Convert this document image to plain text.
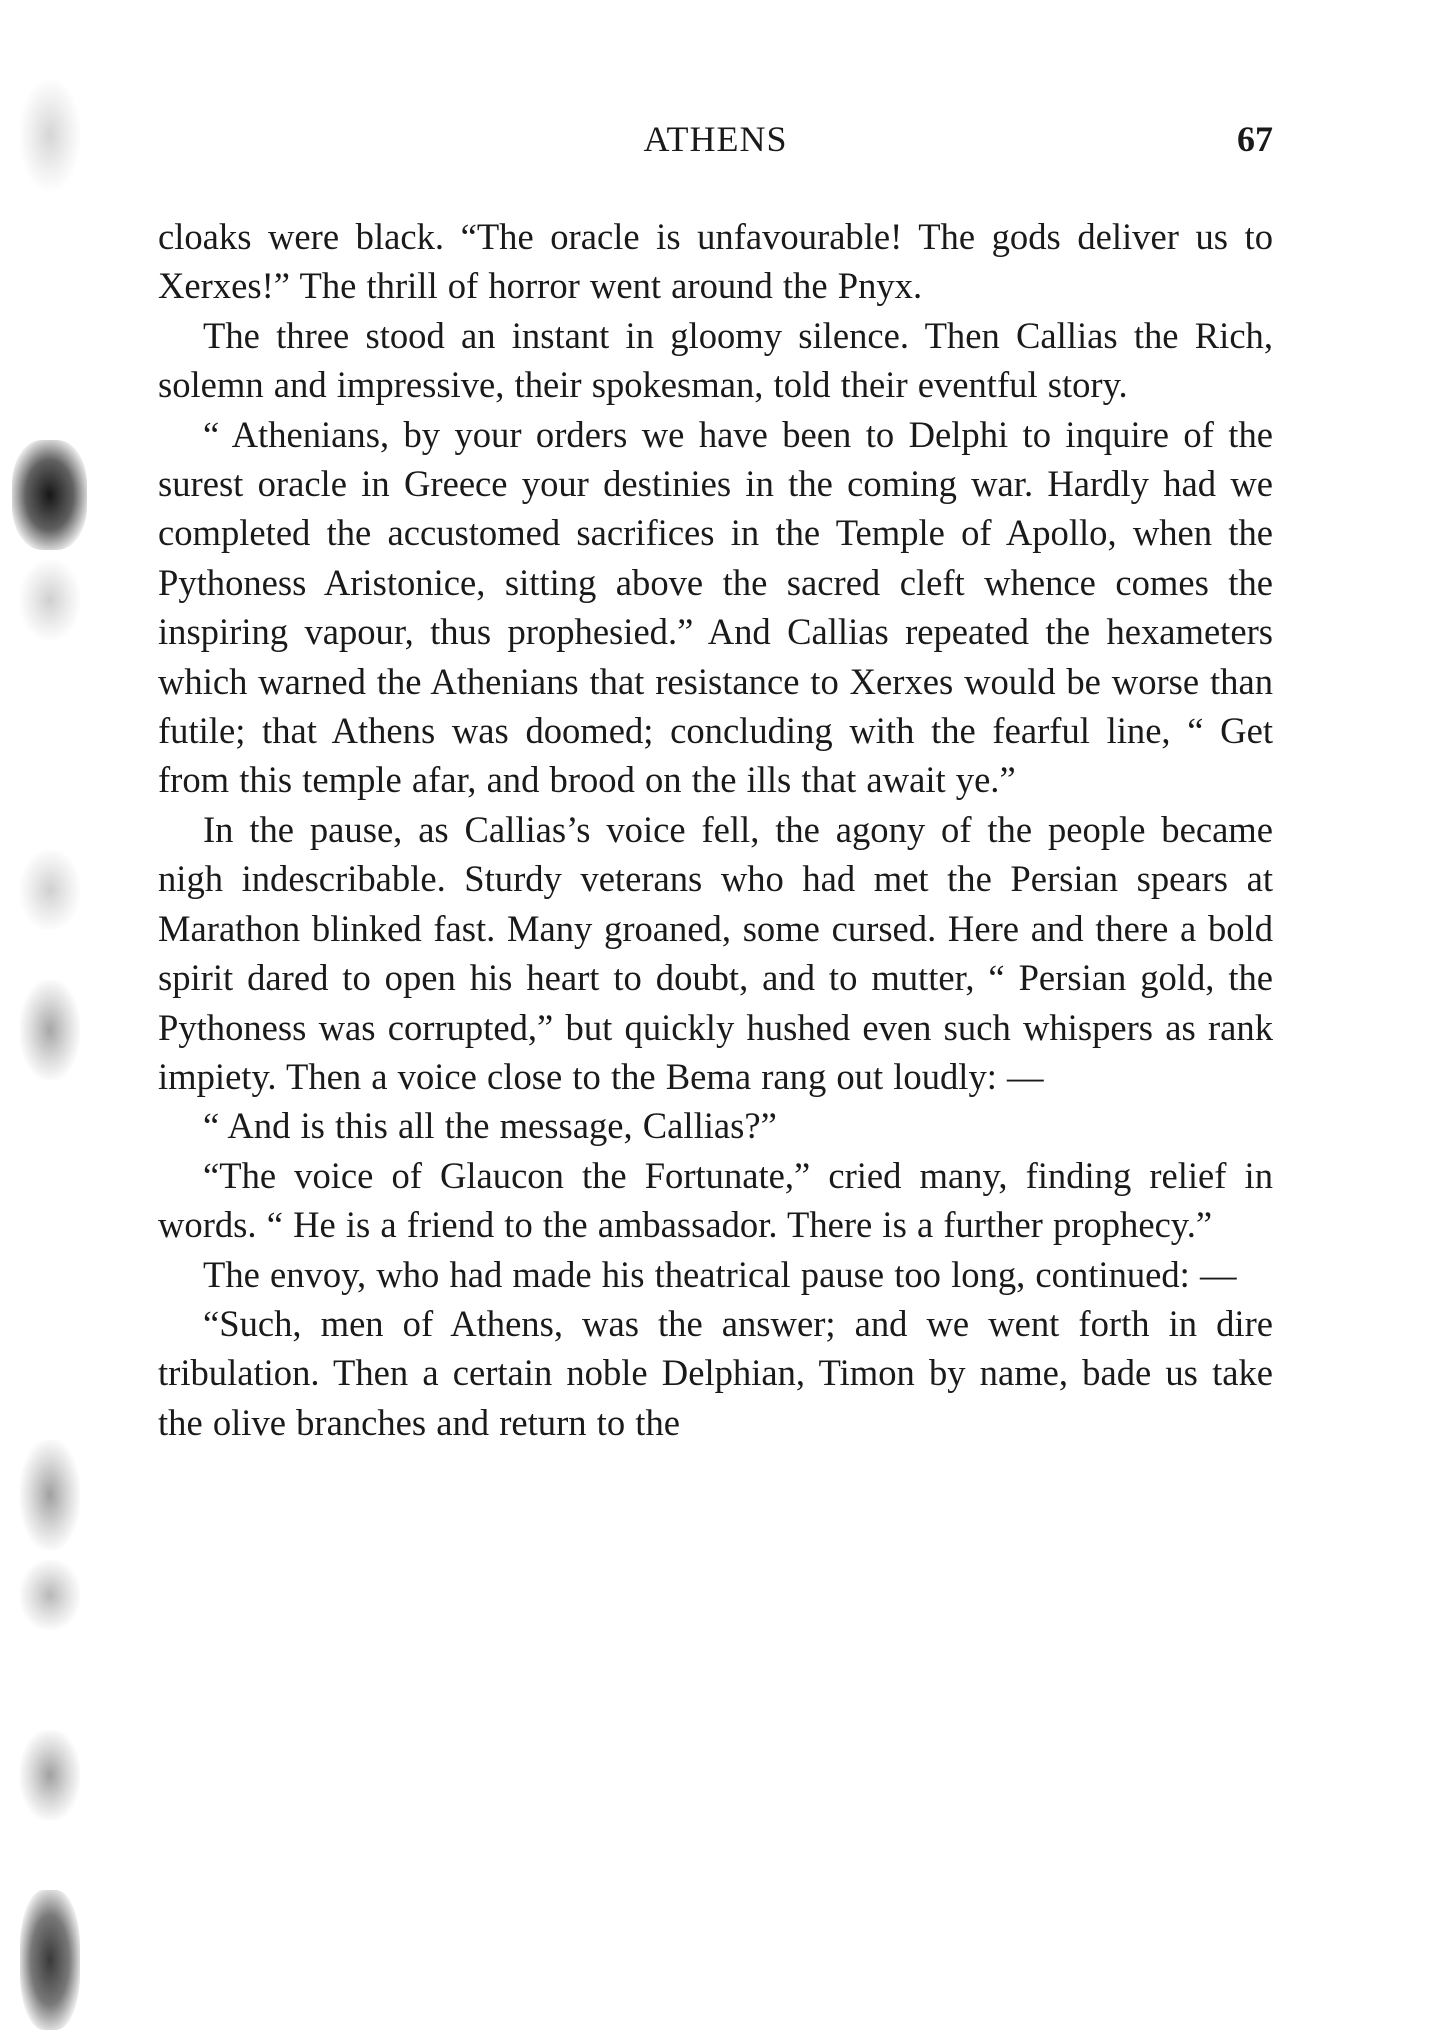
ATHENS	67

cloaks were black. “The oracle is unfavourable! The gods deliver us to Xerxes!” The thrill of horror went around the Pnyx.

The three stood an instant in gloomy silence. Then Callias the Rich, solemn and impressive, their spokesman, told their eventful story.

“ Athenians, by your orders we have been to Delphi to inquire of the surest oracle in Greece your destinies in the coming war. Hardly had we completed the accustomed sacrifices in the Temple of Apollo, when the Pythoness Aristonice, sitting above the sacred cleft whence comes the inspiring vapour, thus prophesied.” And Callias repeated the hexameters which warned the Athenians that resistance to Xerxes would be worse than futile; that Athens was doomed; concluding with the fearful line, “ Get from this temple afar, and brood on the ills that await ye.”

In the pause, as Callias’s voice fell, the agony of the people became nigh indescribable. Sturdy veterans who had met the Persian spears at Marathon blinked fast. Many groaned, some cursed. Here and there a bold spirit dared to open his heart to doubt, and to mutter, “ Persian gold, the Pythoness was corrupted,” but quickly hushed even such whispers as rank impiety. Then a voice close to the Bema rang out loudly: —

“ And is this all the message, Callias?”

“The voice of Glaucon the Fortunate,” cried many, finding relief in words. “ He is a friend to the ambassador. There is a further prophecy.”

The envoy, who had made his theatrical pause too long, continued: —

“Such, men of Athens, was the answer; and we went forth in dire tribulation. Then a certain noble Delphian, Timon by name, bade us take the olive branches and return to the
